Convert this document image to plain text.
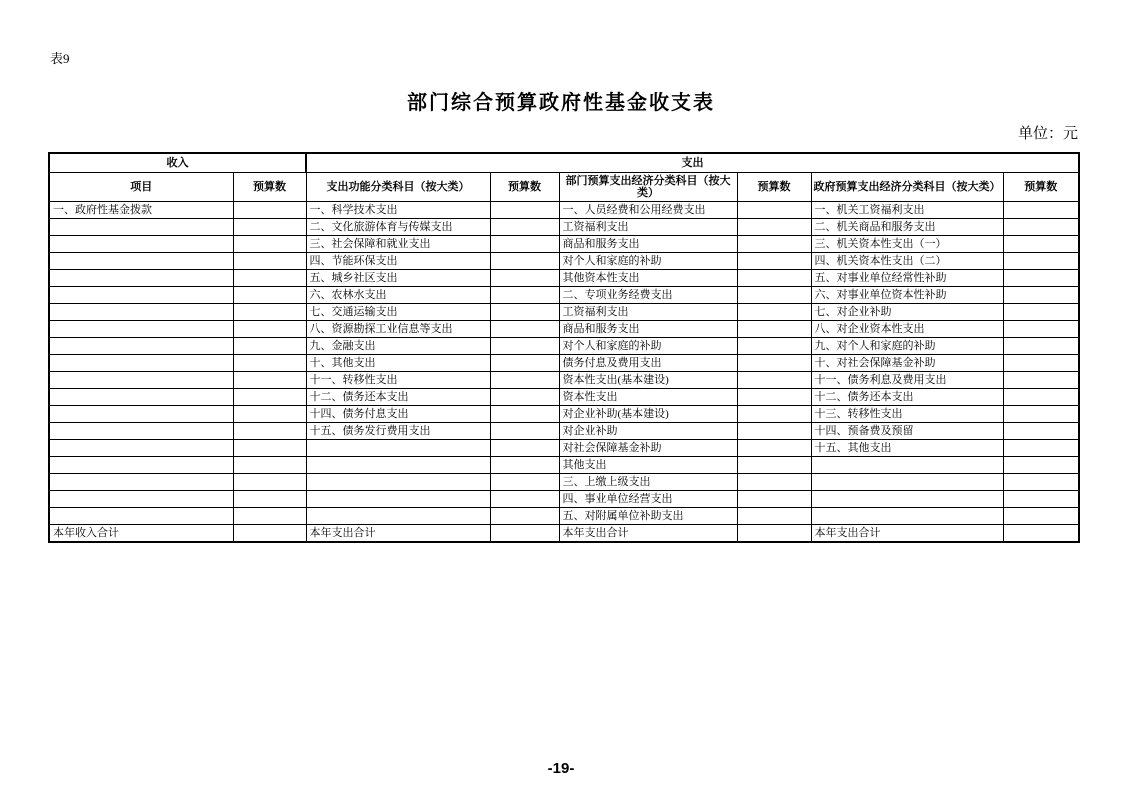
表9
部门综合预算政府性基金收支表
单位：元
收入		支出					
项目	预算数	支出功能分类科目（按大类）	预算数	部门预算支出经济分类科目（按大类）	预算数	政府预算支出经济分类科目（按大类）	预算数
一、政府性基金拨款		一、科学技术支出		一、人员经费和公用经费支出		一、机关工资福利支出	
		二、文化旅游体育与传媒支出		工资福利支出		二、机关商品和服务支出	
		三、社会保障和就业支出		商品和服务支出		三、机关资本性支出（一）	
		四、节能环保支出		对个人和家庭的补助		四、机关资本性支出（二）	
		五、城乡社区支出		其他资本性支出		五、对事业单位经常性补助	
		六、农林水支出		二、专项业务经费支出		六、对事业单位资本性补助	
		七、交通运输支出		工资福利支出		七、对企业补助	
		八、资源勘探工业信息等支出		商品和服务支出		八、对企业资本性支出	
		九、金融支出		对个人和家庭的补助		九、对个人和家庭的补助	
		十、其他支出		债务付息及费用支出		十、对社会保障基金补助	
		十一、转移性支出		资本性支出(基本建设)		十一、债务利息及费用支出	
		十二、债务还本支出		资本性支出		十二、债务还本支出	
		十四、债务付息支出		对企业补助(基本建设)		十三、转移性支出	
		十五、债务发行费用支出		对企业补助		十四、预备费及预留	
				对社会保障基金补助		十五、其他支出	
				其他支出			
				三、上缴上级支出			
				四、事业单位经营支出			
				五、对附属单位补助支出			
本年收入合计		本年支出合计		本年支出合计		本年支出合计	
-19-
